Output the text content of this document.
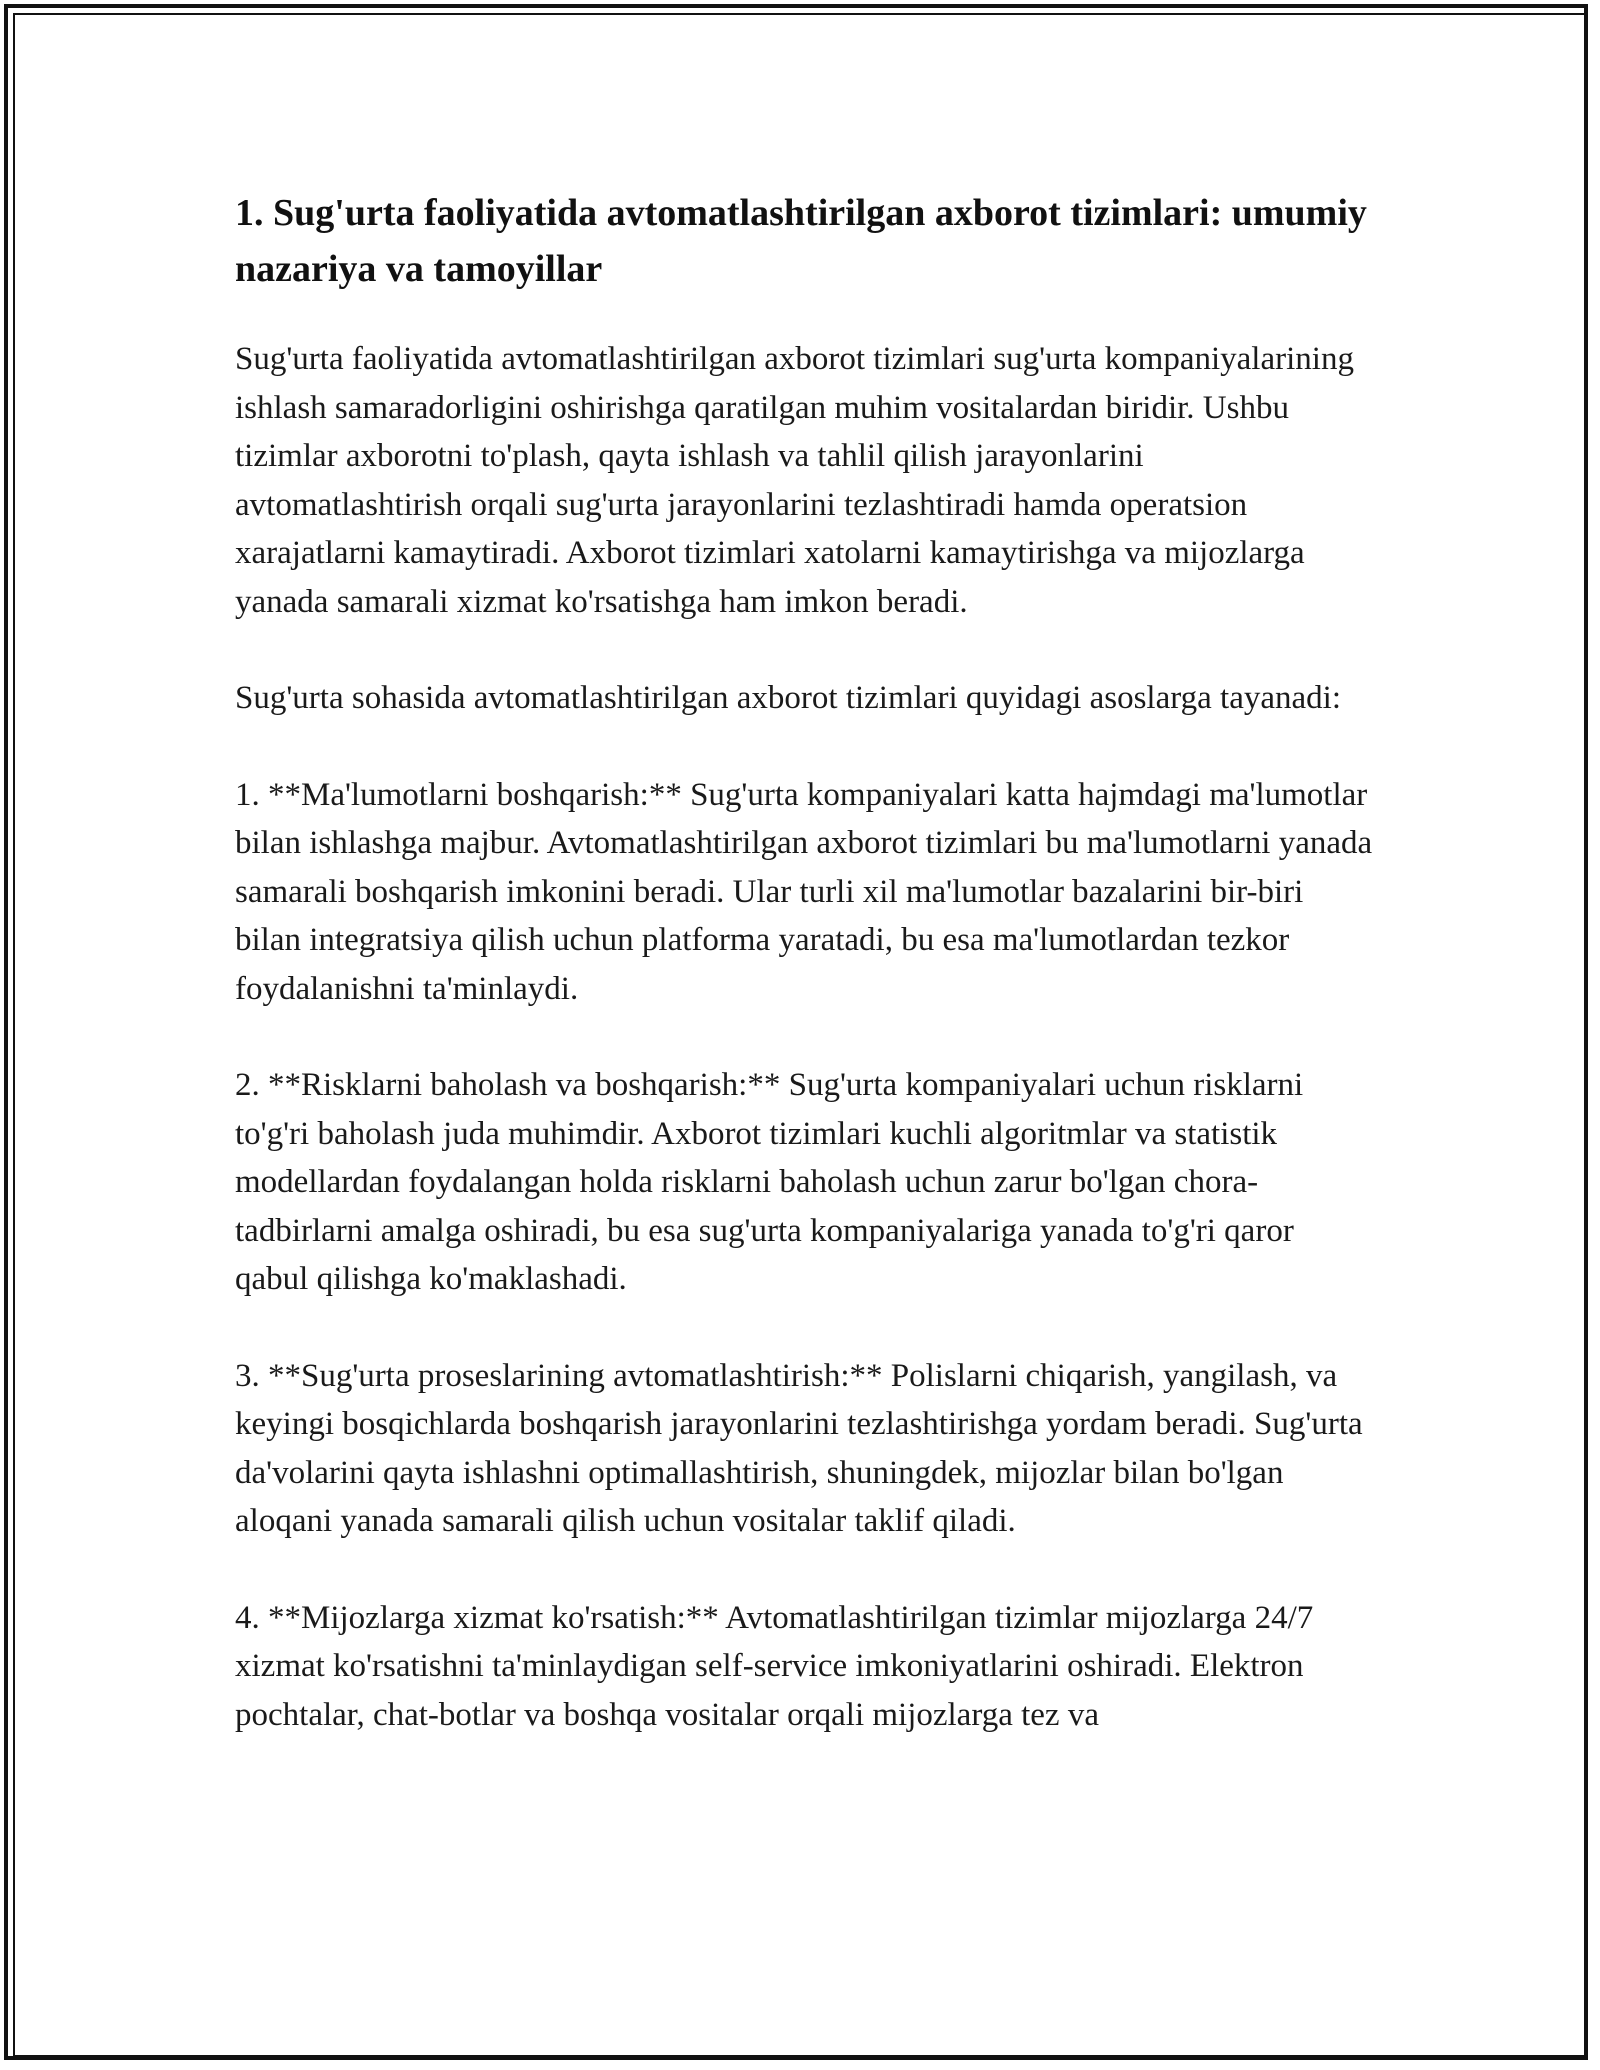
1. Sug'urta faoliyatida avtomatlashtirilgan axborot tizimlari: umumiy nazariya va tamoyillar

Sug'urta faoliyatida avtomatlashtirilgan axborot tizimlari sug'urta kompaniyalarining ishlash samaradorligini oshirishga qaratilgan muhim vositalardan biridir. Ushbu tizimlar axborotni to'plash, qayta ishlash va tahlil qilish jarayonlarini avtomatlashtirish orqali sug'urta jarayonlarini tezlashtiradi hamda operatsion xarajatlarni kamaytiradi. Axborot tizimlari xatolarni kamaytirishga va mijozlarga yanada samarali xizmat ko'rsatishga ham imkon beradi.

Sug'urta sohasida avtomatlashtirilgan axborot tizimlari quyidagi asoslarga tayanadi:

1. **Ma'lumotlarni boshqarish:** Sug'urta kompaniyalari katta hajmdagi ma'lumotlar bilan ishlashga majbur. Avtomatlashtirilgan axborot tizimlari bu ma'lumotlarni yanada samarali boshqarish imkonini beradi. Ular turli xil ma'lumotlar bazalarini bir-biri bilan integratsiya qilish uchun platforma yaratadi, bu esa ma'lumotlardan tezkor foydalanishni ta'minlaydi.

2. **Risklarni baholash va boshqarish:** Sug'urta kompaniyalari uchun risklarni to'g'ri baholash juda muhimdir. Axborot tizimlari kuchli algoritmlar va statistik modellardan foydalangan holda risklarni baholash uchun zarur bo'lgan chora-tadbirlarni amalga oshiradi, bu esa sug'urta kompaniyalariga yanada to'g'ri qaror qabul qilishga ko'maklashadi.

3. **Sug'urta proseslarining avtomatlashtirish:** Polislarni chiqarish, yangilash, va keyingi bosqichlarda boshqarish jarayonlarini tezlashtirishga yordam beradi. Sug'urta da'volarini qayta ishlashni optimallashtirish, shuningdek, mijozlar bilan bo'lgan aloqani yanada samarali qilish uchun vositalar taklif qiladi.

4. **Mijozlarga xizmat ko'rsatish:** Avtomatlashtirilgan tizimlar mijozlarga 24/7 xizmat ko'rsatishni ta'minlaydigan self-service imkoniyatlarini oshiradi. Elektron pochtalar, chat-botlar va boshqa vositalar orqali mijozlarga tez va
